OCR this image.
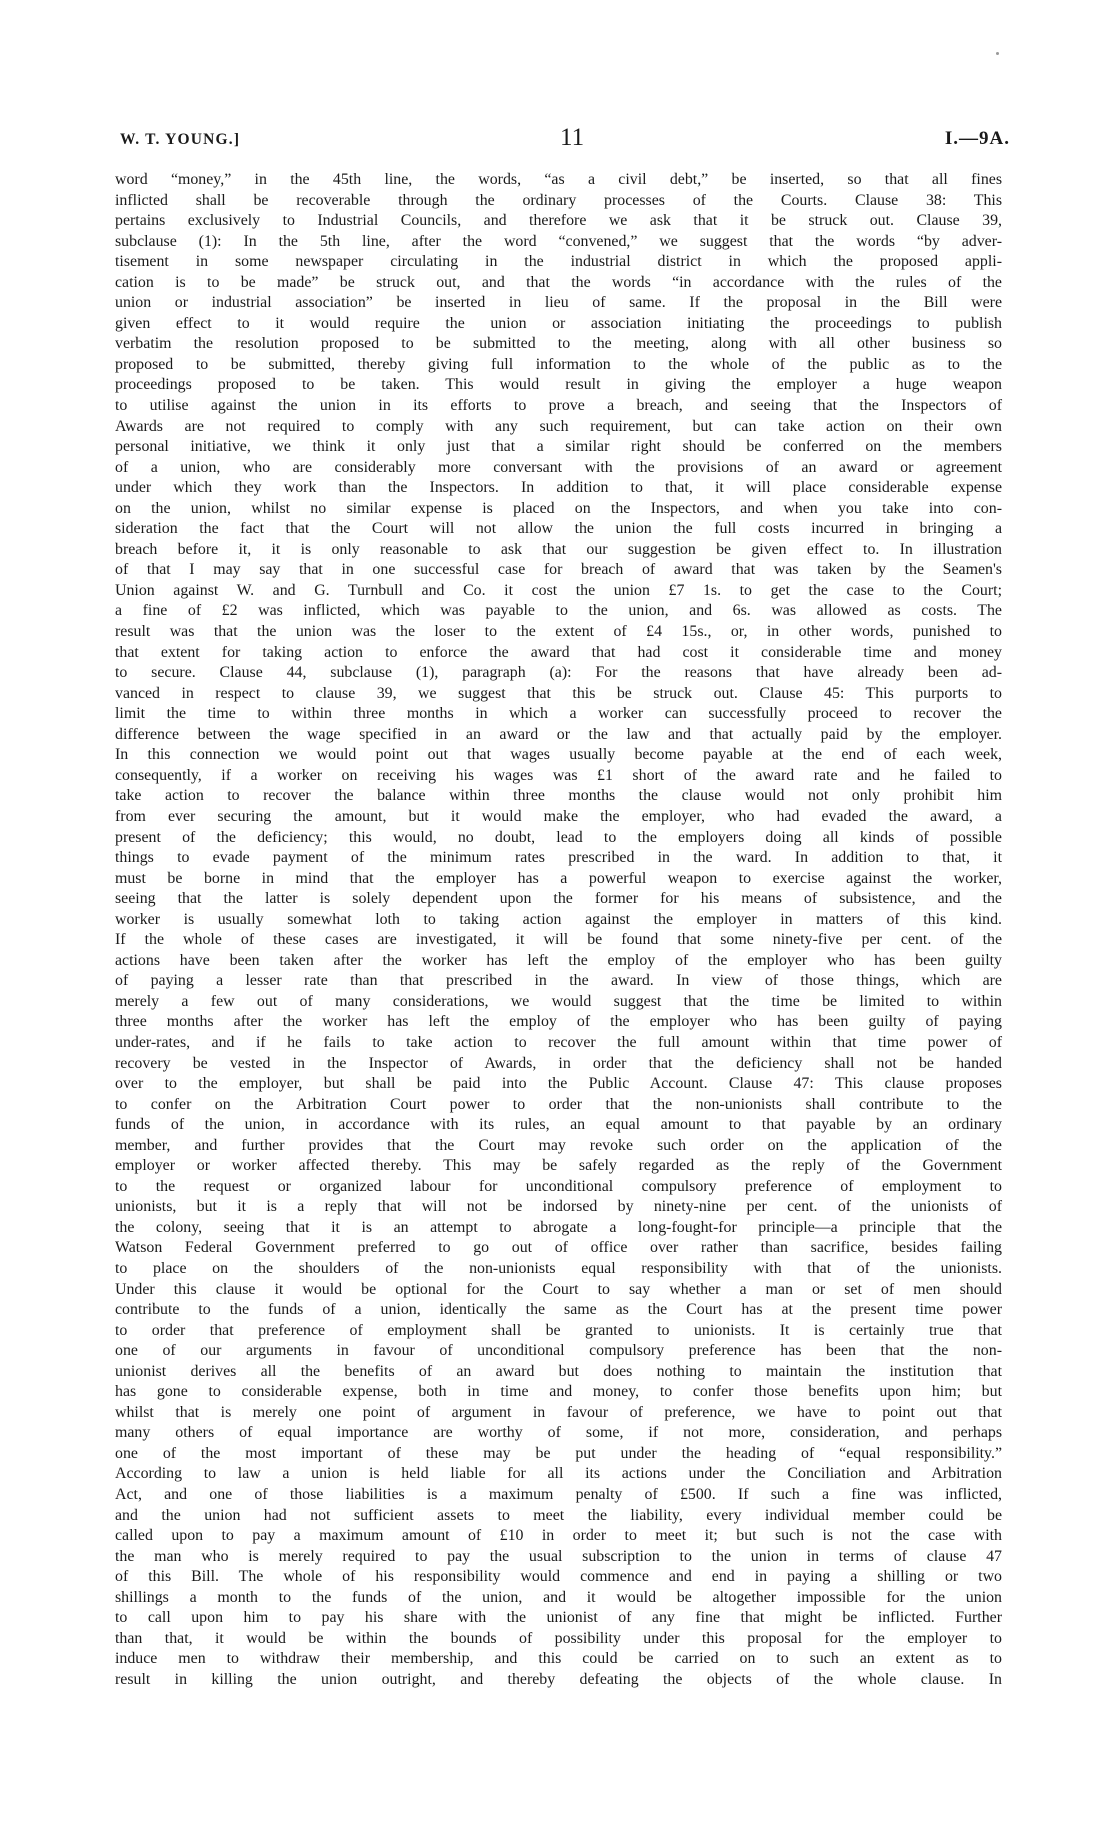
W. T. YOUNG.]	11	I.—9A.
word “money,” in the 45th line, the words, “as a civil debt,” be inserted, so that all fines
inflicted shall be recoverable through the ordinary processes of the Courts. Clause 38: This
pertains exclusively to Industrial Councils, and therefore we ask that it be struck out. Clause 39,
subclause (1): In the 5th line, after the word “convened,” we suggest that the words “by adver-
tisement in some newspaper circulating in the industrial district in which the proposed appli-
cation is to be made” be struck out, and that the words “in accordance with the rules of the
union or industrial association” be inserted in lieu of same. If the proposal in the Bill were
given effect to it would require the union or association initiating the proceedings to publish
verbatim the resolution proposed to be submitted to the meeting, along with all other business so
proposed to be submitted, thereby giving full information to the whole of the public as to the
proceedings proposed to be taken. This would result in giving the employer a huge weapon
to utilise against the union in its efforts to prove a breach, and seeing that the Inspectors of
Awards are not required to comply with any such requirement, but can take action on their own
personal initiative, we think it only just that a similar right should be conferred on the members
of a union, who are considerably more conversant with the provisions of an award or agreement
under which they work than the Inspectors. In addition to that, it will place considerable expense
on the union, whilst no similar expense is placed on the Inspectors, and when you take into con-
sideration the fact that the Court will not allow the union the full costs incurred in bringing a
breach before it, it is only reasonable to ask that our suggestion be given effect to. In illustration
of that I may say that in one successful case for breach of award that was taken by the Seamen's
Union against W. and G. Turnbull and Co. it cost the union £7 1s. to get the case to the Court;
a fine of £2 was inflicted, which was payable to the union, and 6s. was allowed as costs. The
result was that the union was the loser to the extent of £4 15s., or, in other words, punished to
that extent for taking action to enforce the award that had cost it considerable time and money
to secure. Clause 44, subclause (1), paragraph (a): For the reasons that have already been ad-
vanced in respect to clause 39, we suggest that this be struck out. Clause 45: This purports to
limit the time to within three months in which a worker can successfully proceed to recover the
difference between the wage specified in an award or the law and that actually paid by the employer.
In this connection we would point out that wages usually become payable at the end of each week,
consequently, if a worker on receiving his wages was £1 short of the award rate and he failed to
take action to recover the balance within three months the clause would not only prohibit him
from ever securing the amount, but it would make the employer, who had evaded the award, a
present of the deficiency; this would, no doubt, lead to the employers doing all kinds of possible
things to evade payment of the minimum rates prescribed in the ward. In addition to that, it
must be borne in mind that the employer has a powerful weapon to exercise against the worker,
seeing that the latter is solely dependent upon the former for his means of subsistence, and the
worker is usually somewhat loth to taking action against the employer in matters of this kind.
If the whole of these cases are investigated, it will be found that some ninety-five per cent. of the
actions have been taken after the worker has left the employ of the employer who has been guilty
of paying a lesser rate than that prescribed in the award. In view of those things, which are
merely a few out of many considerations, we would suggest that the time be limited to within
three months after the worker has left the employ of the employer who has been guilty of paying
under-rates, and if he fails to take action to recover the full amount within that time power of
recovery be vested in the Inspector of Awards, in order that the deficiency shall not be handed
over to the employer, but shall be paid into the Public Account. Clause 47: This clause proposes
to confer on the Arbitration Court power to order that the non-unionists shall contribute to the
funds of the union, in accordance with its rules, an equal amount to that payable by an ordinary
member, and further provides that the Court may revoke such order on the application of the
employer or worker affected thereby. This may be safely regarded as the reply of the Government
to the request or organized labour for unconditional compulsory preference of employment to
unionists, but it is a reply that will not be indorsed by ninety-nine per cent. of the unionists of
the colony, seeing that it is an attempt to abrogate a long-fought-for principle—a principle that the
Watson Federal Government preferred to go out of office over rather than sacrifice, besides failing
to place on the shoulders of the non-unionists equal responsibility with that of the unionists.
Under this clause it would be optional for the Court to say whether a man or set of men should
contribute to the funds of a union, identically the same as the Court has at the present time power
to order that preference of employment shall be granted to unionists. It is certainly true that
one of our arguments in favour of unconditional compulsory preference has been that the non-
unionist derives all the benefits of an award but does nothing to maintain the institution that
has gone to considerable expense, both in time and money, to confer those benefits upon him; but
whilst that is merely one point of argument in favour of preference, we have to point out that
many others of equal importance are worthy of some, if not more, consideration, and perhaps
one of the most important of these may be put under the heading of “equal responsibility.”
According to law a union is held liable for all its actions under the Conciliation and Arbitration
Act, and one of those liabilities is a maximum penalty of £500. If such a fine was inflicted,
and the union had not sufficient assets to meet the liability, every individual member could be
called upon to pay a maximum amount of £10 in order to meet it; but such is not the case with
the man who is merely required to pay the usual subscription to the union in terms of clause 47
of this Bill. The whole of his responsibility would commence and end in paying a shilling or two
shillings a month to the funds of the union, and it would be altogether impossible for the union
to call upon him to pay his share with the unionist of any fine that might be inflicted. Further
than that, it would be within the bounds of possibility under this proposal for the employer to
induce men to withdraw their membership, and this could be carried on to such an extent as to
result in killing the union outright, and thereby defeating the objects of the whole clause. In
